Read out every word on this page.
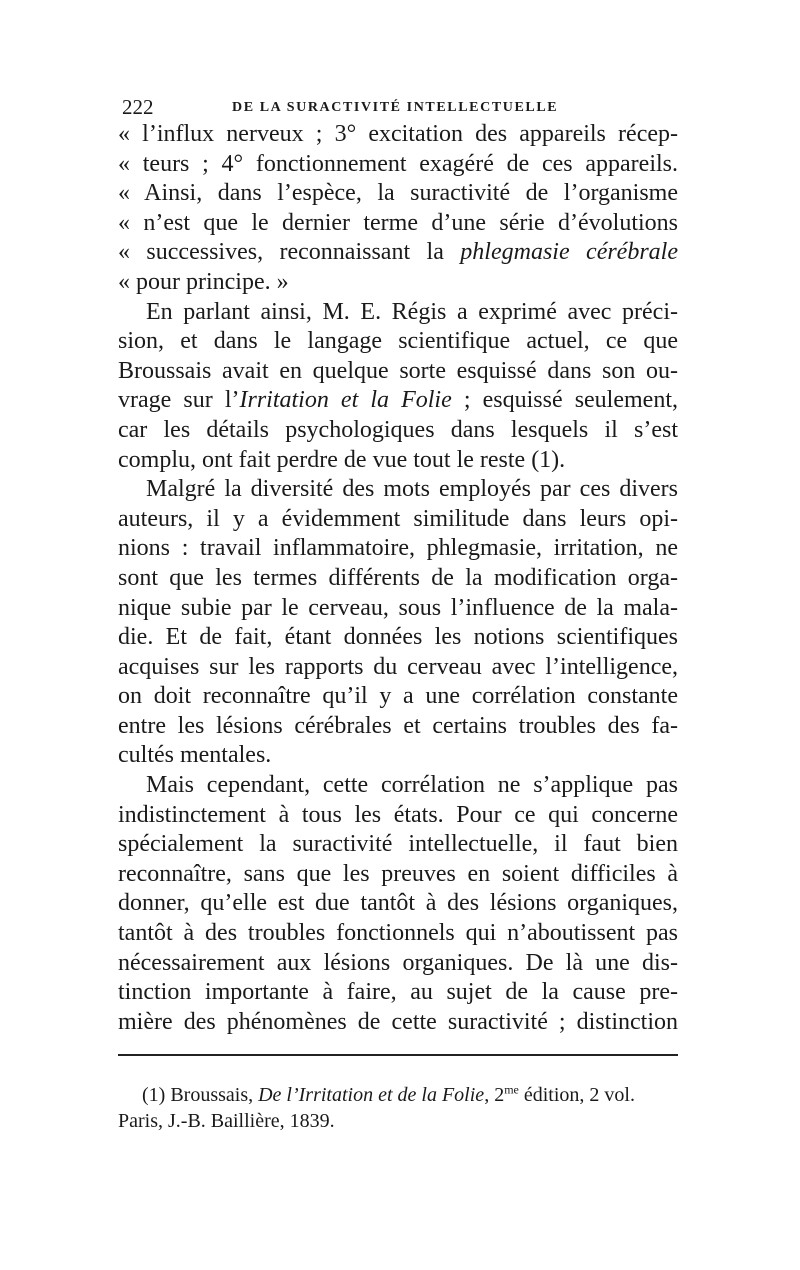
222	DE LA SURACTIVITÉ INTELLECTUELLE
« l’influx nerveux ; 3° excitation des appareils récep-
« teurs ; 4° fonctionnement exagéré de ces appareils.
« Ainsi, dans l’espèce, la suractivité de l’organisme
« n’est que le dernier terme d’une série d’évolutions
« successives, reconnaissant la phlegmasie cérébrale
« pour principe. »
En parlant ainsi, M. E. Régis a exprimé avec préci-
sion, et dans le langage scientifique actuel, ce que
Broussais avait en quelque sorte esquissé dans son ou-
vrage sur l’Irritation et la Folie ; esquissé seulement,
car les détails psychologiques dans lesquels il s’est
complu, ont fait perdre de vue tout le reste (1).
Malgré la diversité des mots employés par ces divers
auteurs, il y a évidemment similitude dans leurs opi-
nions : travail inflammatoire, phlegmasie, irritation, ne
sont que les termes différents de la modification orga-
nique subie par le cerveau, sous l’influence de la mala-
die. Et de fait, étant données les notions scientifiques
acquises sur les rapports du cerveau avec l’intelligence,
on doit reconnaître qu’il y a une corrélation constante
entre les lésions cérébrales et certains troubles des fa-
cultés mentales.
Mais cependant, cette corrélation ne s’applique pas
indistinctement à tous les états. Pour ce qui concerne
spécialement la suractivité intellectuelle, il faut bien
reconnaître, sans que les preuves en soient difficiles à
donner, qu’elle est due tantôt à des lésions organiques,
tantôt à des troubles fonctionnels qui n’aboutissent pas
nécessairement aux lésions organiques. De là une dis-
tinction importante à faire, au sujet de la cause pre-
mière des phénomènes de cette suractivité ; distinction
(1) Broussais, De l’Irritation et de la Folie, $2^{me}$ édition, 2 vol.
Paris, J.-B. Baillière, 1839.
